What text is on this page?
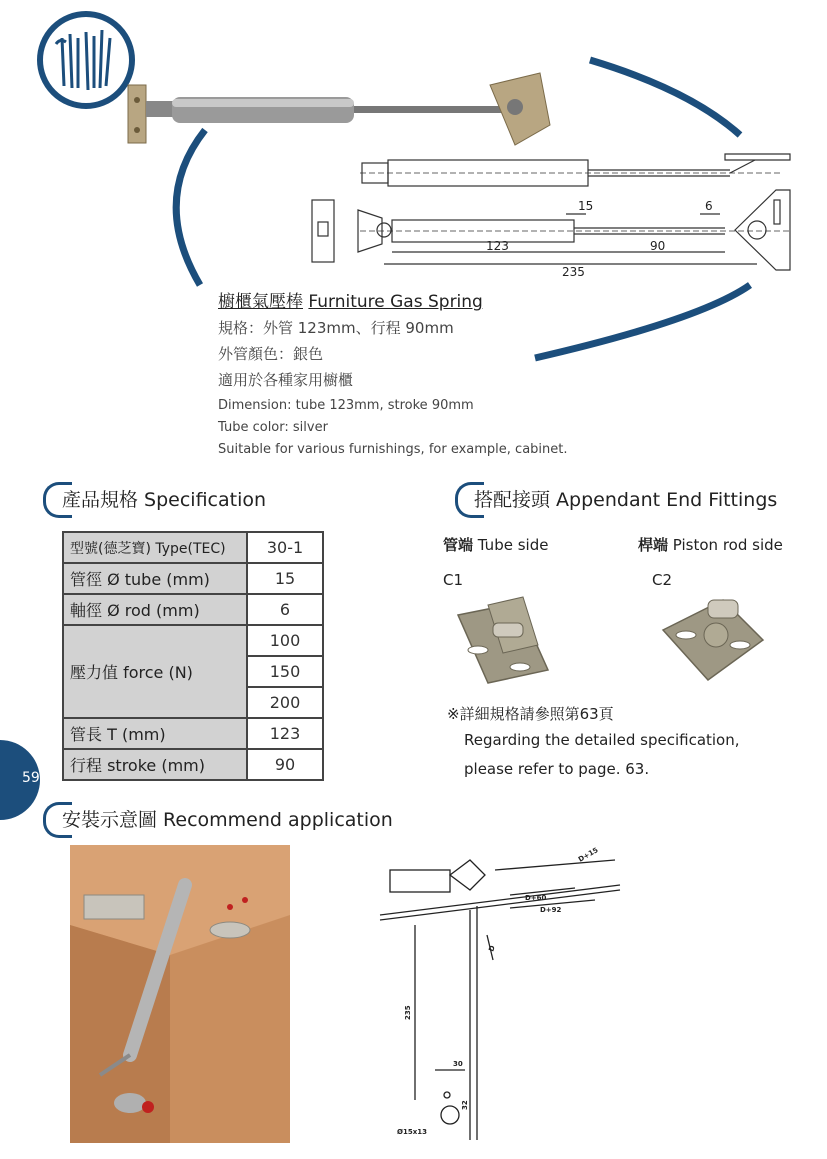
15	6
123	90
235
櫥櫃氣壓棒 Furniture Gas Spring
規格：外管 123mm、行程 90mm
外管顏色：銀色
適用於各種家用櫥櫃
Dimension: tube 123mm, stroke 90mm
Tube color: silver
Suitable for various furnishings, for example, cabinet.
產品規格 Specification
型號(德芝寶) Type(TEC)	30-1
管徑 Ø tube (mm)	15
軸徑 Ø rod (mm)	6
壓力值 force (N)	100
	150
	200
管長 T (mm)	123
行程 stroke (mm)	90
搭配接頭 Appendant End Fittings
管端 Tube side	桿端 Piston rod side
C1	C2
※詳細規格請參照第63頁
Regarding the detailed specification,
please refer to page. 63.
59
安裝示意圖 Recommend application
D+15
D+60
D+92
D
235
30
32
Ø15x13
